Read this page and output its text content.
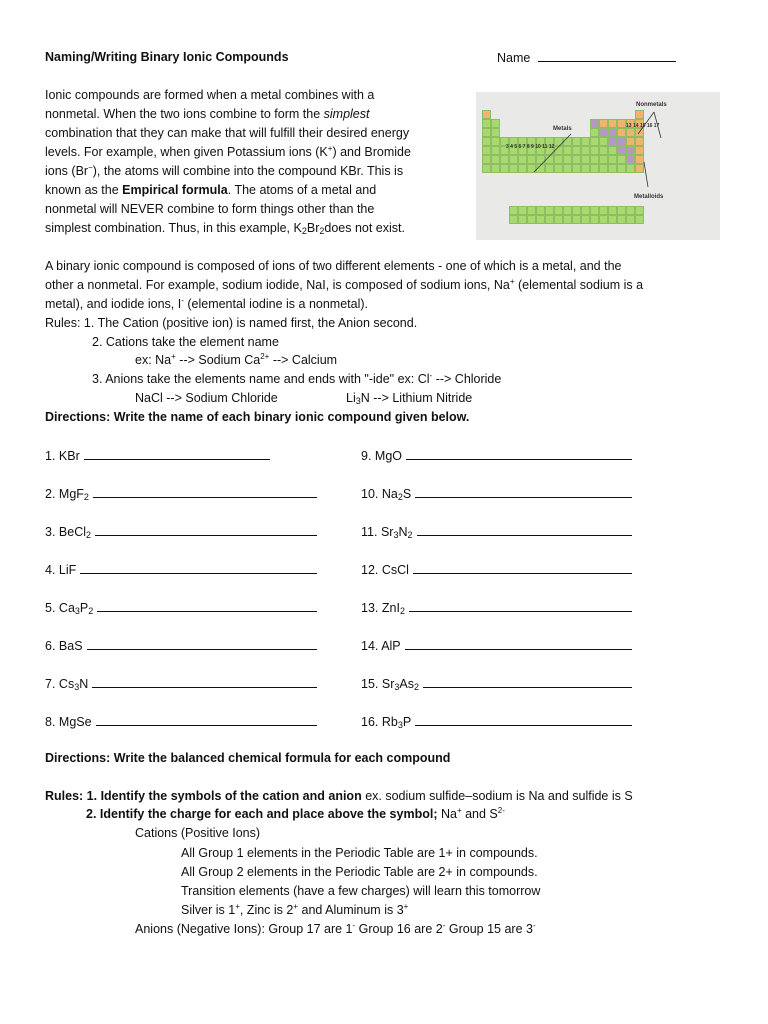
Naming/Writing Binary Ionic Compounds	Name
Ionic compounds are formed when a metal combines with a
nonmetal. When the two ions combine to form the simplest
combination that they can make that will fulfill their desired energy
levels. For example, when given Potassium ions (K+) and Bromide
ions (Br−), the atoms will combine into the compound KBr. This is
known as the Empirical formula. The atoms of a metal and
nonmetal will NEVER combine to form things other than the
simplest combination. Thus, in this example, $K_2Br_2does$ not exist.
Nonmetals
Metals
Metalloids
3 4 5 6 7 8 9 10 11 12
13 14 15 16 17
A binary ionic compound is composed of ions of two different elements - one of which is a metal, and the
other a nonmetal. For example, sodium iodide, NaI, is composed of sodium ions, Na+ (elemental sodium is a
metal), and iodide ions, I- (elemental iodine is a nonmetal).
Rules: 1. The Cation (positive ion) is named first, the Anion second.
2. Cations take the element name
ex: Na+ --> Sodium $Ca^{2+}$ --> Calcium
3. Anions take the elements name and ends with "-ide" ex: Cl- --> Chloride
NaCl --> Sodium Chloride	$Li_3N$ --> Lithium Nitride
Directions: Write the name of each binary ionic compound given below.
1. KBr
2. MgF$_2$
3. BeCl$_2$
4. LiF
5. $Ca_3P_2$
6. BaS
7. $Cs_3N$
8. MgSe
9. MgO
10. $Na_2S$
11. $Sr_3N_2$
12. CsCl
13. ZnI$_2$
14. AlP
15. $Sr_3As_2$
16. $Rb_3P$
Directions: Write the balanced chemical formula for each compound
Rules: 1. Identify the symbols of the cation and anion ex. sodium sulfide–sodium is Na and sulfide is S
2. Identify the charge for each and place above the symbol; Na+ and $S^{2-}$
Cations (Positive Ions)
All Group 1 elements in the Periodic Table are 1+ in compounds.
All Group 2 elements in the Periodic Table are 2+ in compounds.
Transition elements (have a few charges) will learn this tomorrow
Silver is 1+, Zinc is 2+ and Aluminum is 3+
Anions (Negative Ions): Group 17 are 1- Group 16 are 2- Group 15 are 3-
